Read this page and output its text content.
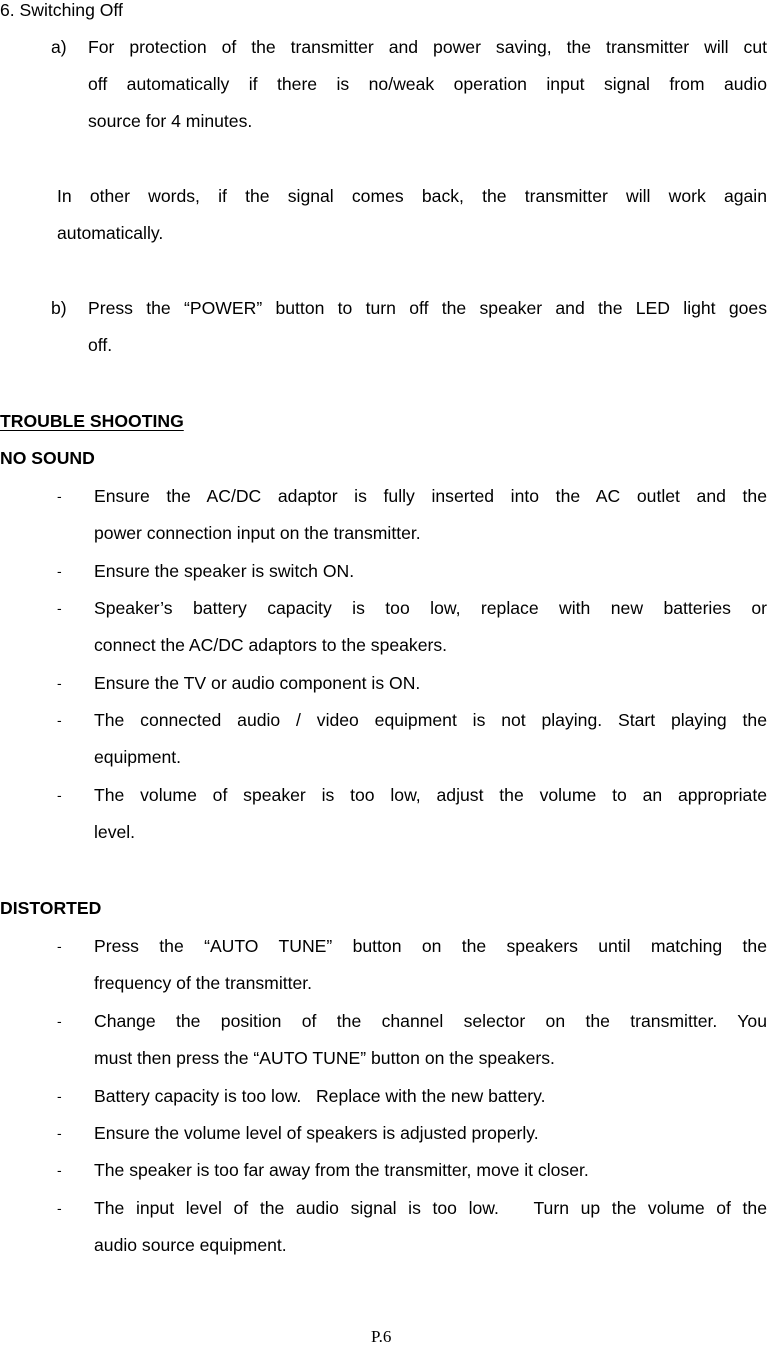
6. Switching Off
a) For protection of the transmitter and power saving, the transmitter will cut
off automatically if there is no/weak operation input signal from audio
source for 4 minutes.
In other words, if the signal comes back, the transmitter will work again
automatically.
b) Press the “POWER” button to turn off the speaker and the LED light goes
off.
TROUBLE SHOOTING
NO SOUND
- Ensure the AC/DC adaptor is fully inserted into the AC outlet and the
power connection input on the transmitter.
- Ensure the speaker is switch ON.
- Speaker’s battery capacity is too low, replace with new batteries or
connect the AC/DC adaptors to the speakers.
- Ensure the TV or audio component is ON.
- The connected audio / video equipment is not playing. Start playing the
equipment.
- The volume of speaker is too low, adjust the volume to an appropriate
level.
DISTORTED
- Press the “AUTO TUNE” button on the speakers until matching the
frequency of the transmitter.
- Change the position of the channel selector on the transmitter. You
must then press the “AUTO TUNE” button on the speakers.
- Battery capacity is too low.   Replace with the new battery.
- Ensure the volume level of speakers is adjusted properly.
- The speaker is too far away from the transmitter, move it closer.
- The input level of the audio signal is too low.   Turn up the volume of the
audio source equipment.
P.6
